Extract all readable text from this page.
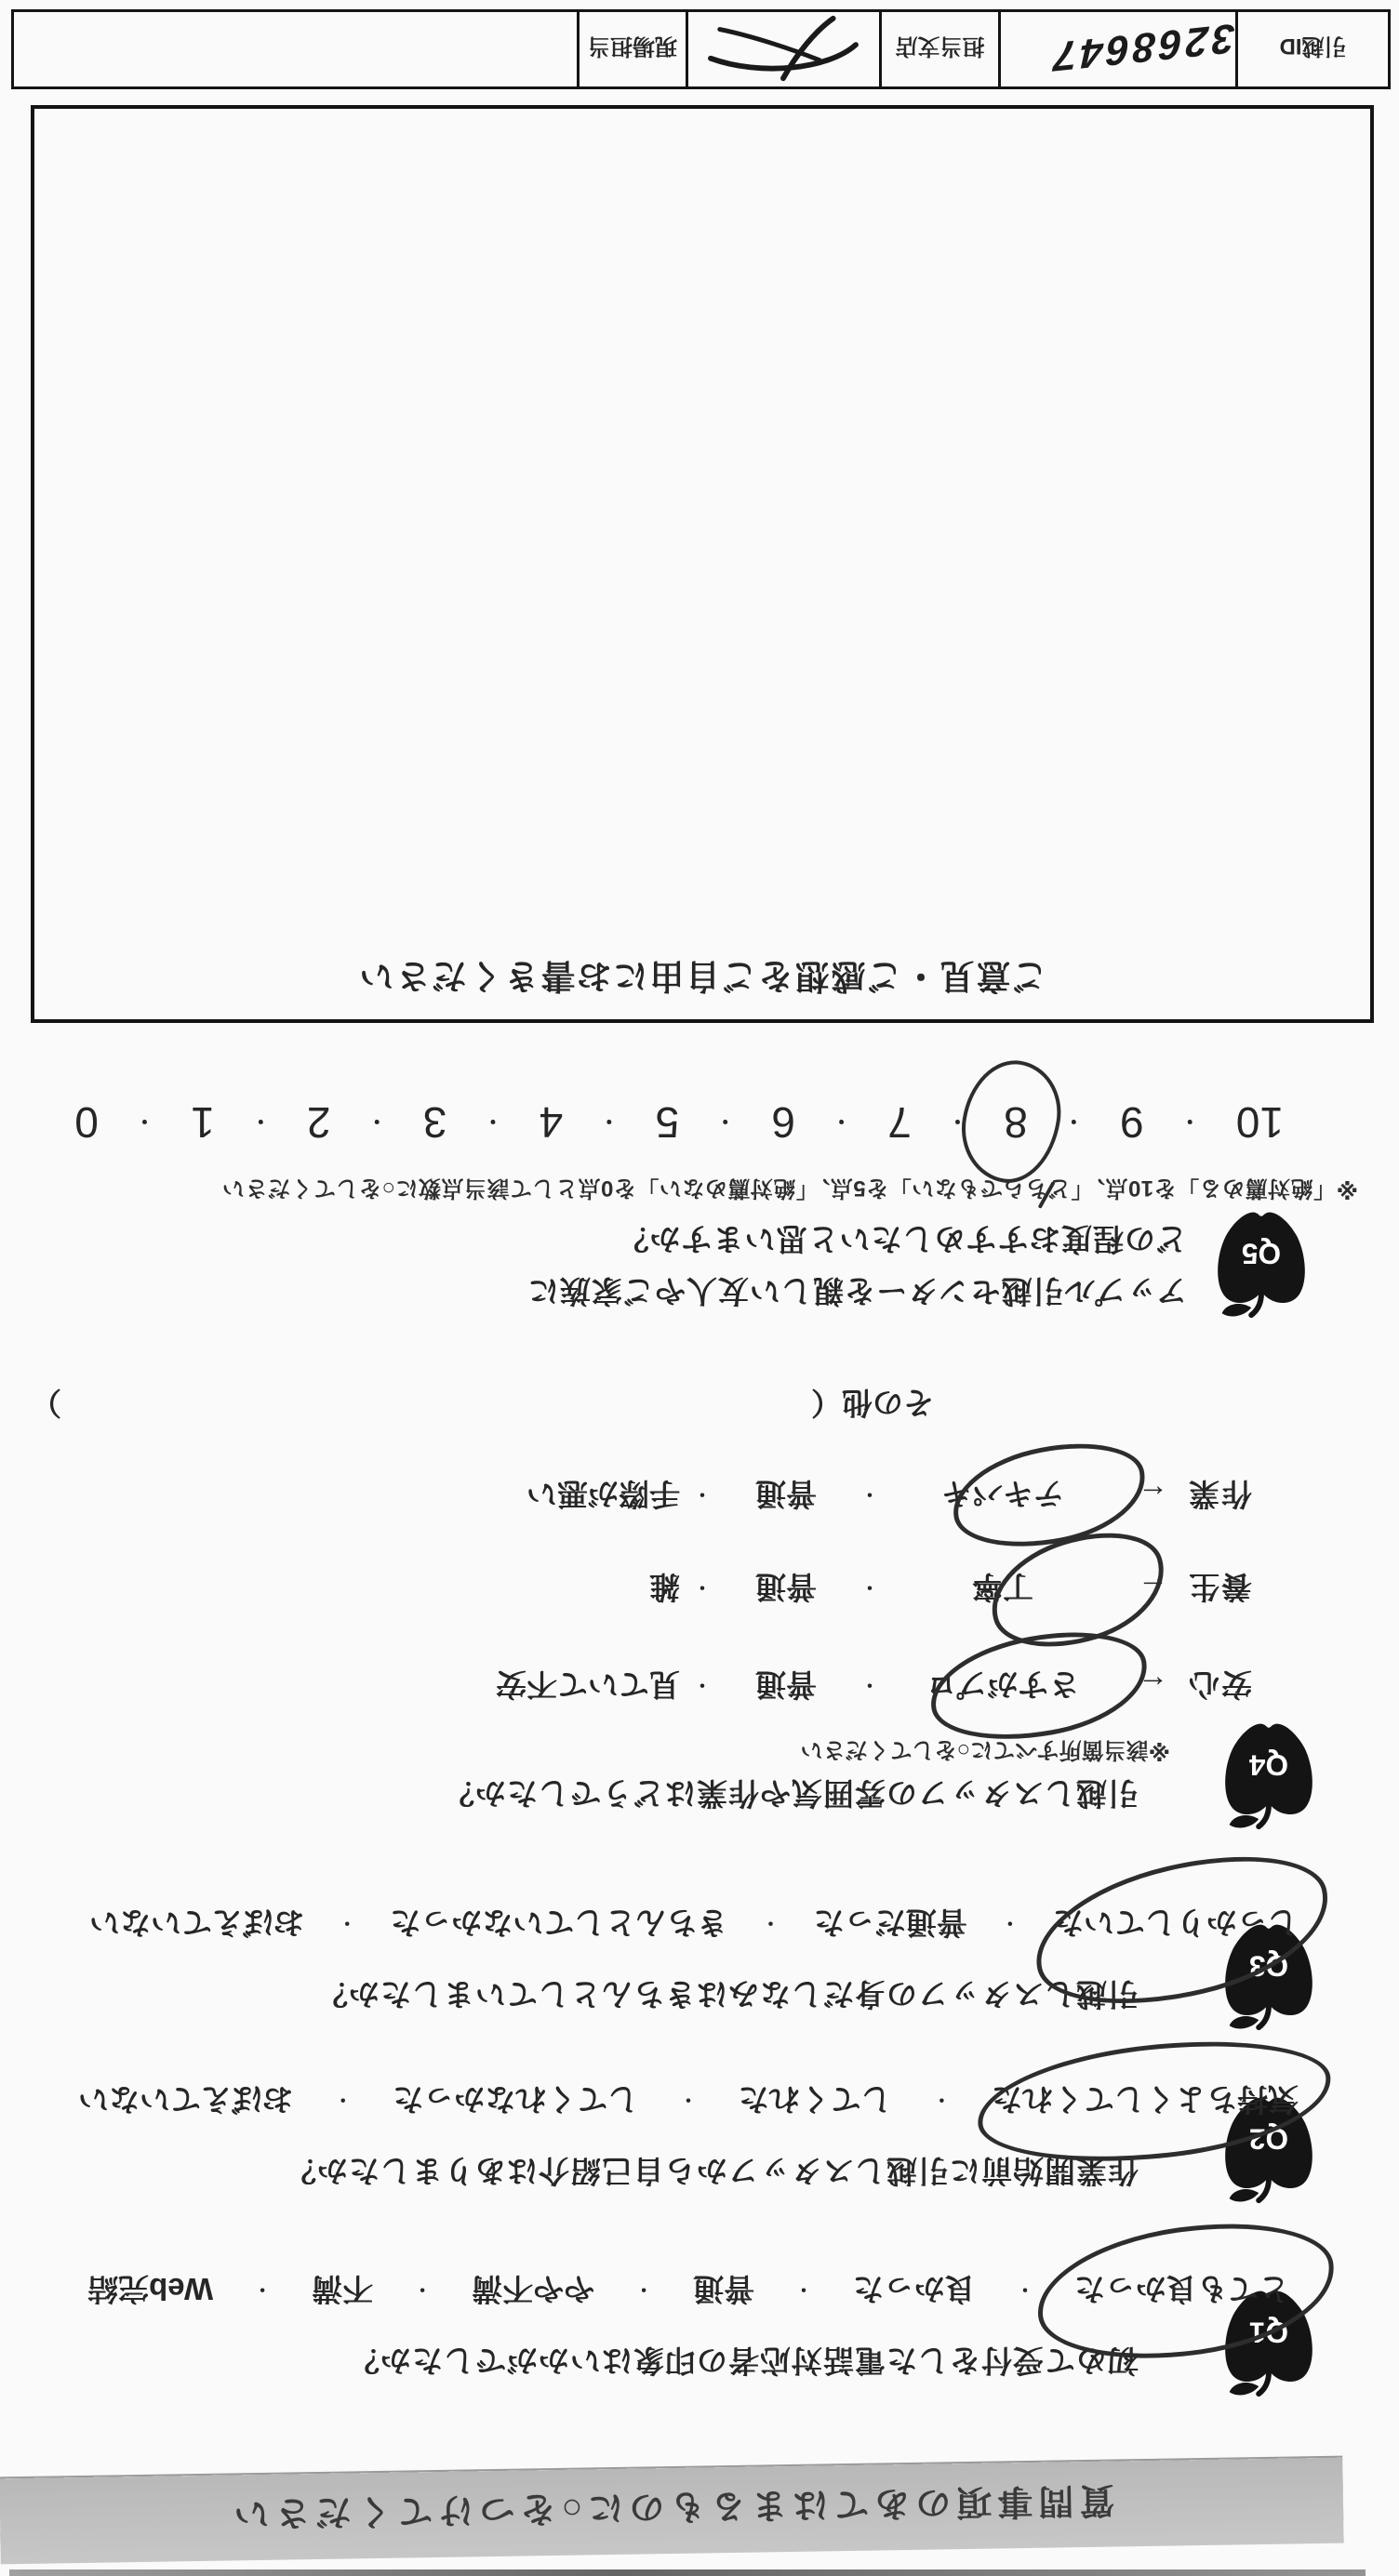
質問事項のあてはまるものに○をつけてください
Q1
初めて受付をした電話対応者の印象はいかがでしたか？
とても良かった
・
良かった
・
普通
・
やや不満
・
不満
・
Web完結
Q2
作業開始前に引越しスタッフから自己紹介はありましたか？
気持ちよくしてくれた
・
してくれた
・
してくれなかった
・
おぼえていない
Q3
引越しスタッフの身だしなみはきちんとしていましたか？
しっかりしていた
・
普通だった
・
きちんとしていなかった
・
おぼえていない
Q4
引越しスタッフの雰囲気や作業はどうでしたか？
※該当箇所すべてに○をしてください
安心
←
さすがプロ
・
普通
・
見ていて不安
養生
←
丁寧
・
普通
・
雑
作業
←
テキパキ
・
普通
・
手際が悪い
その他（
）
Q5
アップル引越センターを親しい友人やご家族に
どの程度おすすめしたいと思いますか？
※「絶対薦める」を10点、「どちらでもない」を5点、「絶対薦めない」を0点として該当点数に○をしてください
10
・
9
・
8
・
7
・
6
・
5
・
4
・
3
・
2
・
1
・
0
ご意見・ご感想をご自由にお書きください
引越ID
3268647
担当支店
現場担当
